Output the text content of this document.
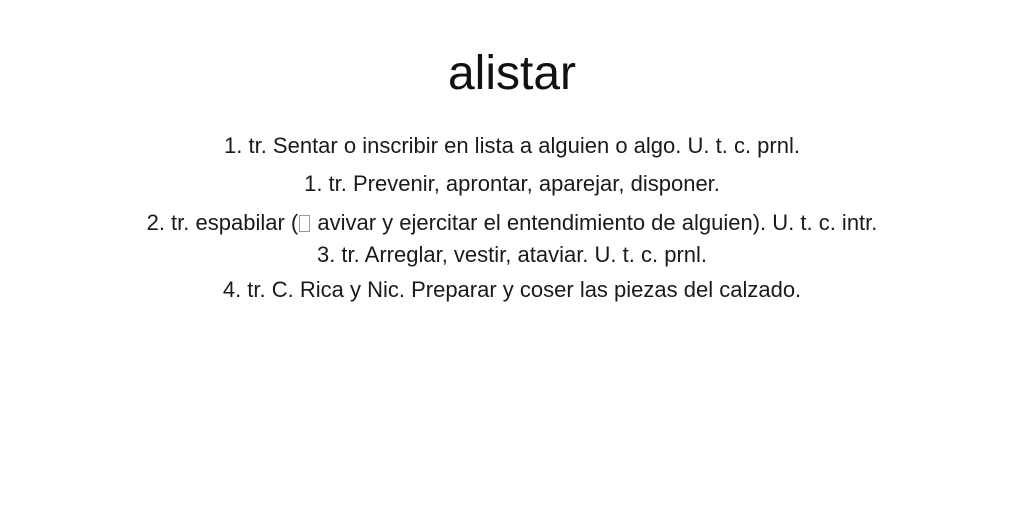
alistar
1. tr. Sentar o inscribir en lista a alguien o algo. U. t. c. prnl.
1. tr. Prevenir, aprontar, aparejar, disponer.
2. tr. espabilar ( avivar y ejercitar el entendimiento de alguien). U. t. c. intr.
3. tr. Arreglar, vestir, ataviar. U. t. c. prnl.
4. tr. C. Rica y Nic. Preparar y coser las piezas del calzado.
